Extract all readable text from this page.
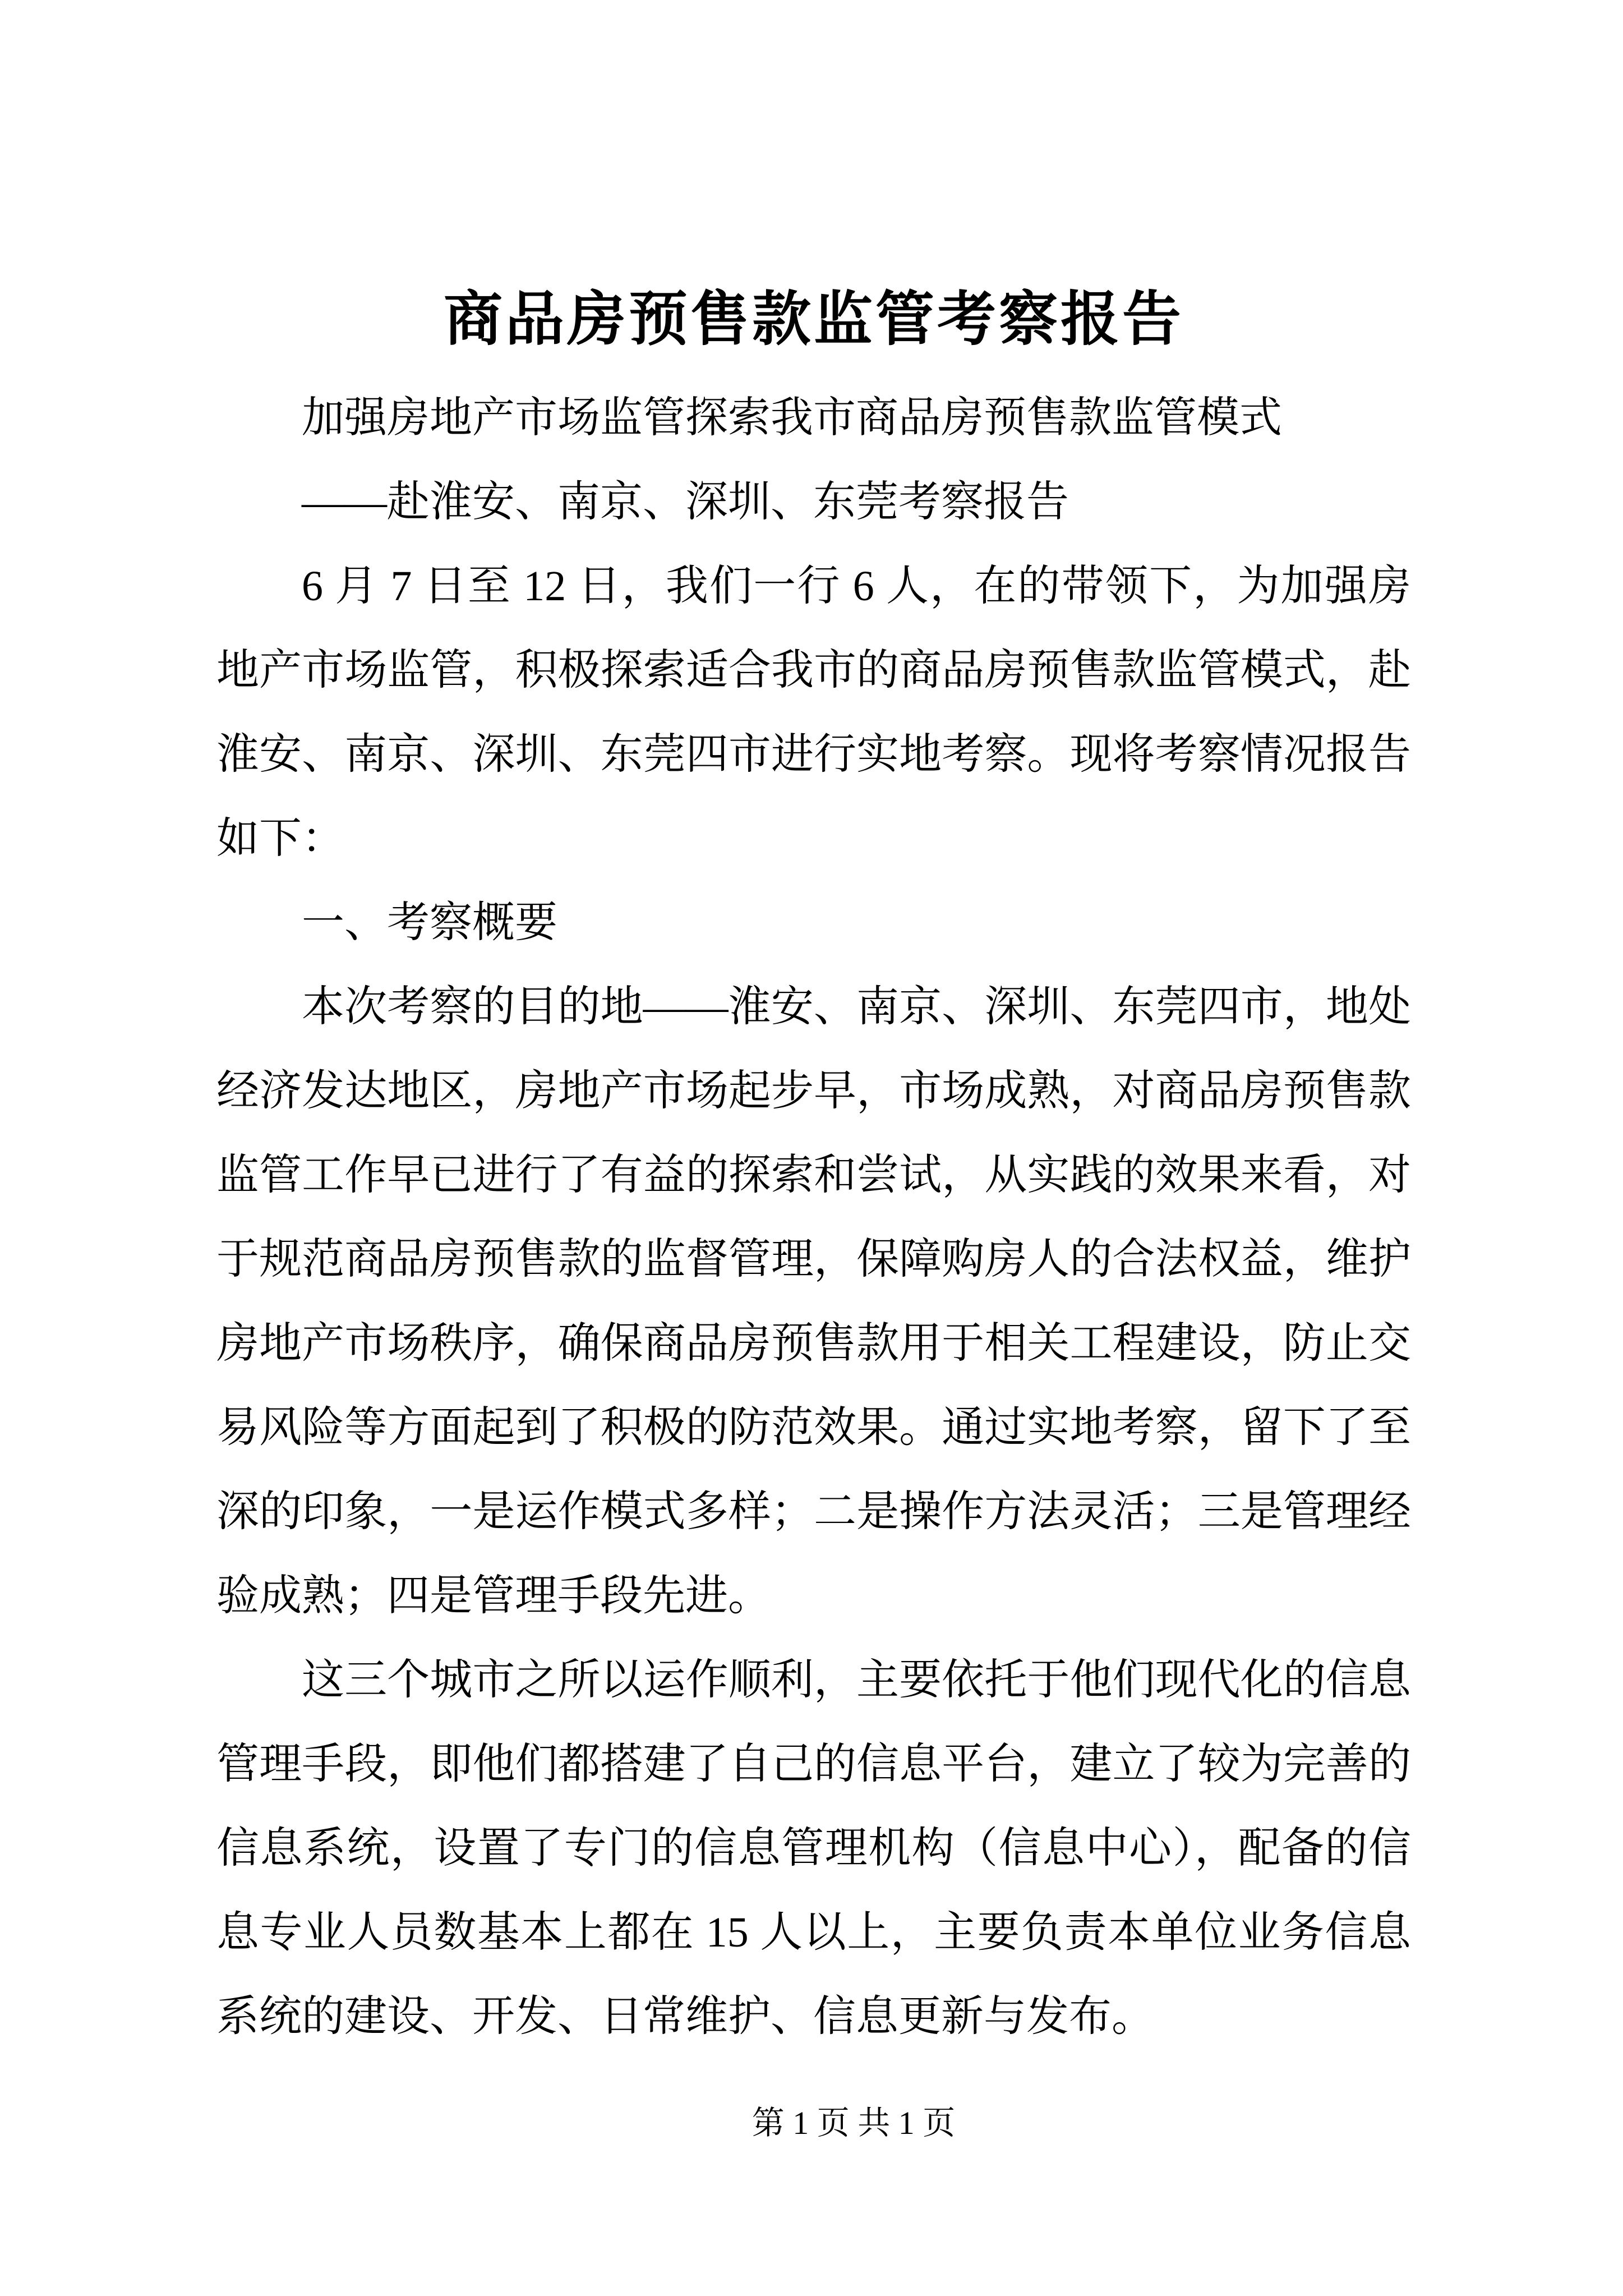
商品房预售款监管考察报告

加强房地产市场监管探索我市商品房预售款监管模式

——赴淮安、南京、深圳、东莞考察报告

6 月 7 日至 12 日，我们一行 6 人，在的带领下，为加强房地产市场监管，积极探索适合我市的商品房预售款监管模式，赴淮安、南京、深圳、东莞四市进行实地考察。现将考察情况报告如下：

一、考察概要

本次考察的目的地——淮安、南京、深圳、东莞四市，地处经济发达地区，房地产市场起步早，市场成熟，对商品房预售款监管工作早已进行了有益的探索和尝试，从实践的效果来看，对于规范商品房预售款的监督管理，保障购房人的合法权益，维护房地产市场秩序，确保商品房预售款用于相关工程建设，防止交易风险等方面起到了积极的防范效果。通过实地考察，留下了至深的印象，一是运作模式多样；二是操作方法灵活；三是管理经验成熟；四是管理手段先进。

这三个城市之所以运作顺利，主要依托于他们现代化的信息管理手段，即他们都搭建了自己的信息平台，建立了较为完善的信息系统，设置了专门的信息管理机构（信息中心），配备的信息专业人员数基本上都在 15 人以上，主要负责本单位业务信息系统的建设、开发、日常维护、信息更新与发布。

第 1 页 共 1 页
